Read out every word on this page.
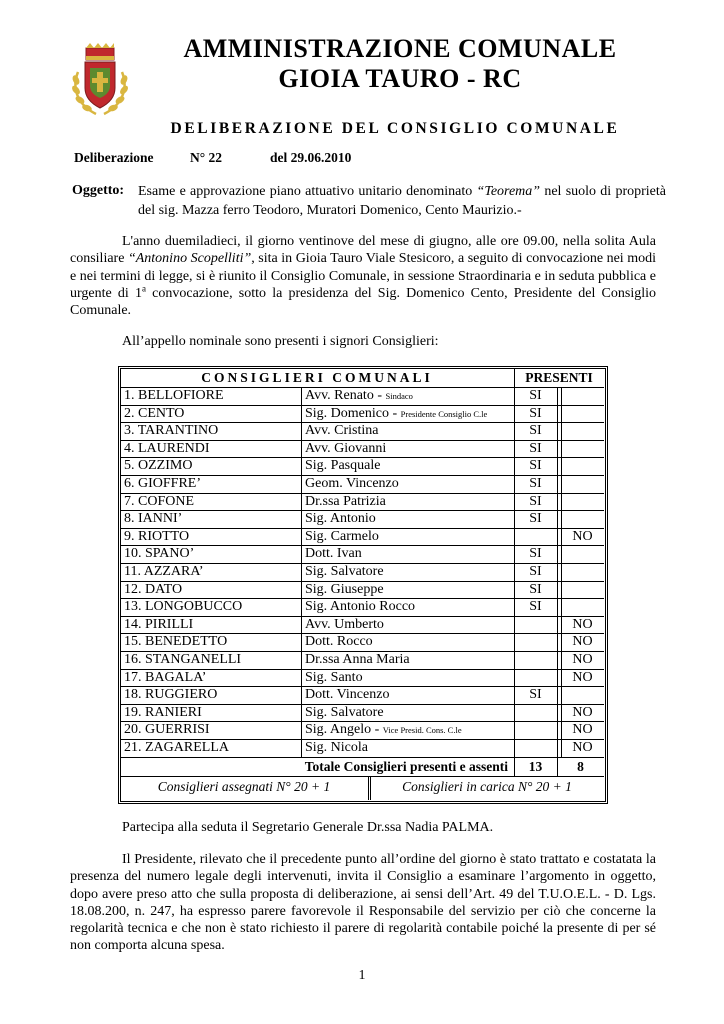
AMMINISTRAZIONE COMUNALE
GIOIA TAURO - RC
DELIBERAZIONE DEL CONSIGLIO COMUNALE
Deliberazione	N° 22	del 29.06.2010
Oggetto: Esame e approvazione piano attuativo unitario denominato “Teorema” nel suolo di proprietà del sig. Mazza ferro Teodoro, Muratori Domenico, Cento Maurizio.-
L'anno duemiladieci, il giorno ventinove del mese di giugno, alle ore 09.00, nella solita Aula consiliare “Antonino Scopelliti”, sita in Gioia Tauro Viale Stesicoro, a seguito di convocazione nei modi e nei termini di legge, si è riunito il Consiglio Comunale, in sessione Straordinaria e in seduta pubblica e urgente di 1$^a$ convocazione, sotto la presidenza del Sig. Domenico Cento, Presidente del Consiglio Comunale.
All’appello nominale sono presenti i signori Consiglieri:
CONSIGLIERI COMUNALI	PRESENTI
1. BELLOFIORE	Avv. Renato - Sindaco	SI
2. CENTO	Sig. Domenico - Presidente Consiglio C.le	SI
3. TARANTINO	Avv. Cristina	SI
4. LAURENDI	Avv. Giovanni	SI
5. OZZIMO	Sig. Pasquale	SI
6. GIOFFRE’	Geom. Vincenzo	SI
7. COFONE	Dr.ssa Patrizia	SI
8. IANNI’	Sig. Antonio	SI
9. RIOTTO	Sig. Carmelo	NO
10. SPANO’	Dott. Ivan	SI
11. AZZARA’	Sig. Salvatore	SI
12. DATO	Sig. Giuseppe	SI
13. LONGOBUCCO	Sig. Antonio Rocco	SI
14. PIRILLI	Avv. Umberto	NO
15. BENEDETTO	Dott. Rocco	NO
16. STANGANELLI	Dr.ssa Anna Maria	NO
17. BAGALA’	Sig. Santo	NO
18. RUGGIERO	Dott. Vincenzo	SI
19. RANIERI	Sig. Salvatore	NO
20. GUERRISI	Sig. Angelo - Vice Presid. Cons. C.le	NO
21. ZAGARELLA	Sig. Nicola	NO
Totale Consiglieri presenti e assenti	13	8
Consiglieri assegnati N° 20 + 1	Consiglieri in carica N° 20 + 1
Partecipa alla seduta il Segretario Generale Dr.ssa Nadia PALMA.
Il Presidente, rilevato che il precedente punto all’ordine del giorno è stato trattato e costatata la presenza del numero legale degli intervenuti, invita il Consiglio a esaminare l’argomento in oggetto, dopo avere preso atto che sulla proposta di deliberazione, ai sensi dell’Art. 49 del T.U.O.E.L. - D. Lgs. 18.08.200, n. 247, ha espresso parere favorevole il Responsabile del servizio per ciò che concerne la regolarità tecnica e che non è stato richiesto il parere di regolarità contabile poiché la presente di per sé non comporta alcuna spesa.
1
